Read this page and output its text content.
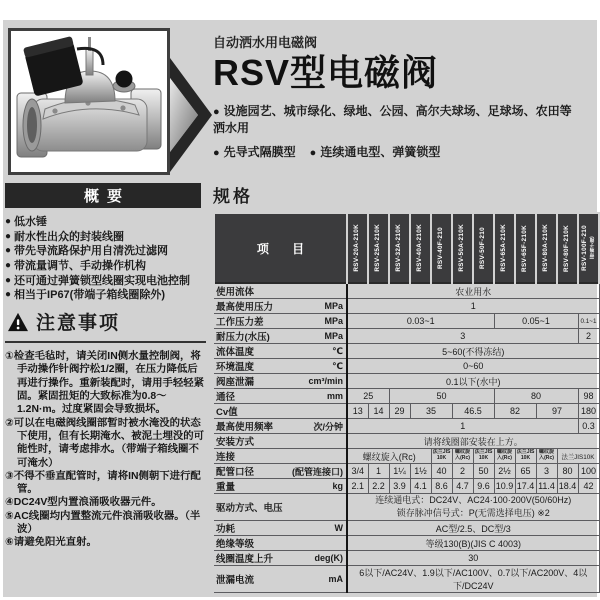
自动洒水用电磁阀
RSV型电磁阀
● 设施园艺、城市绿化、绿地、公园、高尔夫球场、足球场、农田等洒水用
● 先导式隔膜型 ● 连续通电型、弹簧锁型
概要
● 低水锤
● 耐水性出众的封装线圈
● 带先导流路保护用自清洗过滤网
● 带流量调节、手动操作机构
● 还可通过弹簧锁型线圈实现电池控制
● 相当于IP67(带端子箱线圈除外)
注意事项
①检查毛毡时，请关闭IN侧水量控制阀，将手动操作针阀拧松1/2圈，在压力降低后再进行操作。重新装配时，请用手轻轻紧固。紧固扭矩的大致标准为0.8～1.2N·m。过度紧固会导致损坏。
②可以在电磁阀线圈部暂时被水淹没的状态下使用，但有长期淹水、被泥土埋没的可能性时，请考虑排水。（带端子箱线圈不可淹水）
③不得不垂直配管时，请将IN侧朝下进行配管。
④DC24V型内置浪涌吸收器元件。
⑤AC线圈均内置整流元件浪涌吸收器。（半波）
⑥请避免阳光直射。
规格
项 目	RSV-20A-210K	RSV-25A-210K	RSV-32A-210K	RSV-40A-210K	RSV-40F-210	RSV-50A-210K	RSV-50F-210	RSV-65A-210K	RSV-65F-210K	RSV-80A-210K	RSV-80F-210K	RSV-100F-210 (带端子箱)

使用流体	农业用水											

最高使用压力 MPa	1											

工作压力差 MPa	0.03~1							0.05~1				0.1~1

耐压力(水压) MPa	3											2

流体温度 ℃	5~60(不得冻结)											

环境温度 ℃	0~60											

阀座泄漏 cm³/min	0.1以下(水中)											

通径 mm	25		50					80				98

Cv值	13	14	29	35		46.5		82		97		180

最高使用频率 次/分钟	1											0.3

安装方式	请将线圈部安装在上方。											

连接	螺纹旋入(Rc)				法兰JIS10K	螺纹旋入(Rc)	法兰JIS10K	螺纹旋入(Rc)	法兰JIS10K	螺纹旋入(Rc)	法兰JIS10K	

配管口径 (配管连接口)	3/4	1	1¼	1½	40	2	50	2½	65	3	80	100

重量 kg	2.1	2.2	3.9	4.1	8.6	4.7	9.6	10.9	17.4	11.4	18.4	42

驱动方式、电压	连续通电式：DC24V、AC24·100·200V(50/60Hz)
锁存脉冲信号式：P(无需选择电压) ※2											

功耗 W	AC型/2.5、DC型/3											

绝缘等级	等级130(B)(JIS C 4003)											

线圈温度上升 deg(K)	30											

泄漏电流 mA	6以下/AC24V、1.9以下/AC100V、0.7以下/AC200V、4以下/DC24V											
